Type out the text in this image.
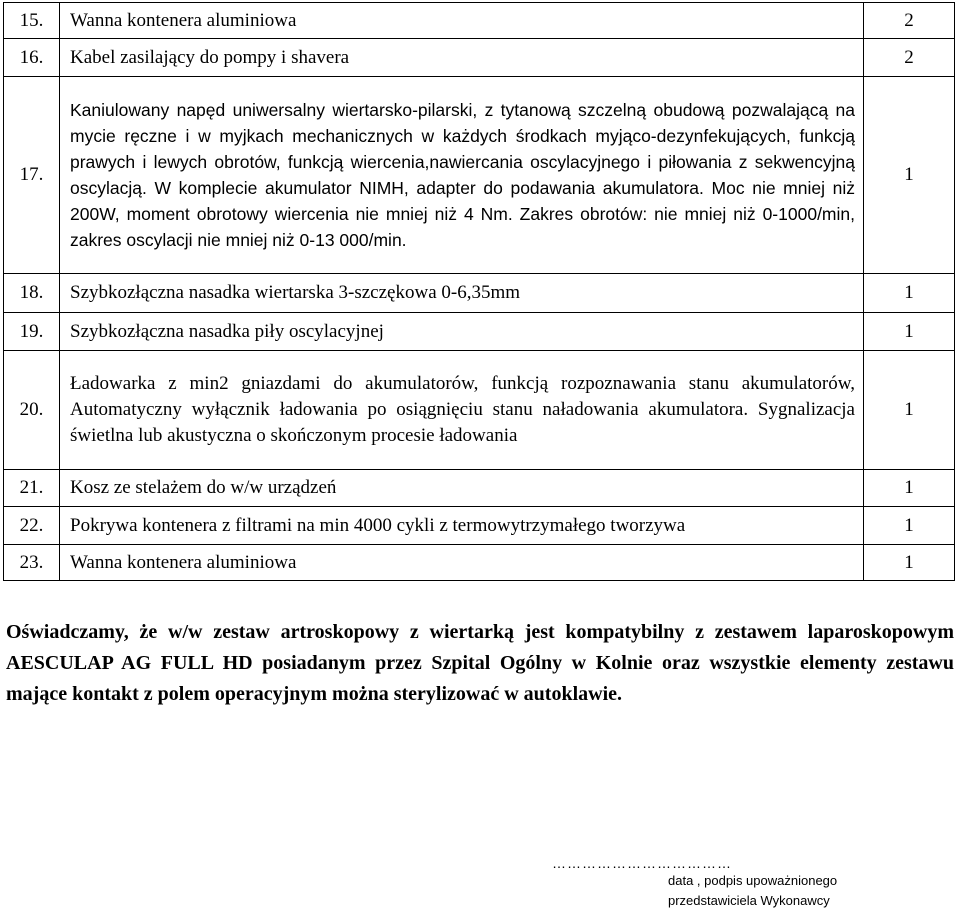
15.	Wanna kontenera aluminiowa	2
16.	Kabel zasilający do pompy i shavera	2
17.	Kaniulowany napęd uniwersalny wiertarsko-pilarski, z tytanową szczelną obudową pozwalającą na mycie ręczne i w myjkach mechanicznych w każdych środkach myjąco-dezynfekujących, funkcją prawych i lewych obrotów, funkcją wiercenia,nawiercania oscylacyjnego i piłowania z sekwencyjną oscylacją. W komplecie akumulator NIMH, adapter do podawania akumulatora. Moc nie mniej niż 200W, moment obrotowy wiercenia nie mniej niż 4 Nm. Zakres obrotów: nie mniej niż 0-1000/min, zakres oscylacji nie mniej niż 0-13 000/min.	1
18.	Szybkozłączna nasadka wiertarska 3-szczękowa 0-6,35mm	1
19.	Szybkozłączna nasadka piły oscylacyjnej	1
20.	Ładowarka z min2 gniazdami do akumulatorów, funkcją rozpoznawania stanu akumulatorów, Automatyczny wyłącznik ładowania po osiągnięciu stanu naładowania akumulatora. Sygnalizacja świetlna lub akustyczna o skończonym procesie ładowania	1
21.	Kosz ze stelażem do w/w urządzeń	1
22.	Pokrywa kontenera z filtrami na min 4000 cykli z termowytrzymałego tworzywa	1
23.	Wanna kontenera aluminiowa	1

Oświadczamy, że w/w zestaw artroskopowy z wiertarką jest kompatybilny z zestawem laparoskopowym AESCULAP AG FULL HD posiadanym przez Szpital Ogólny w Kolnie oraz wszystkie elementy zestawu mające kontakt z polem operacyjnym można sterylizować w autoklawie.

………………………………
data , podpis upoważnionego
przedstawiciela Wykonawcy
